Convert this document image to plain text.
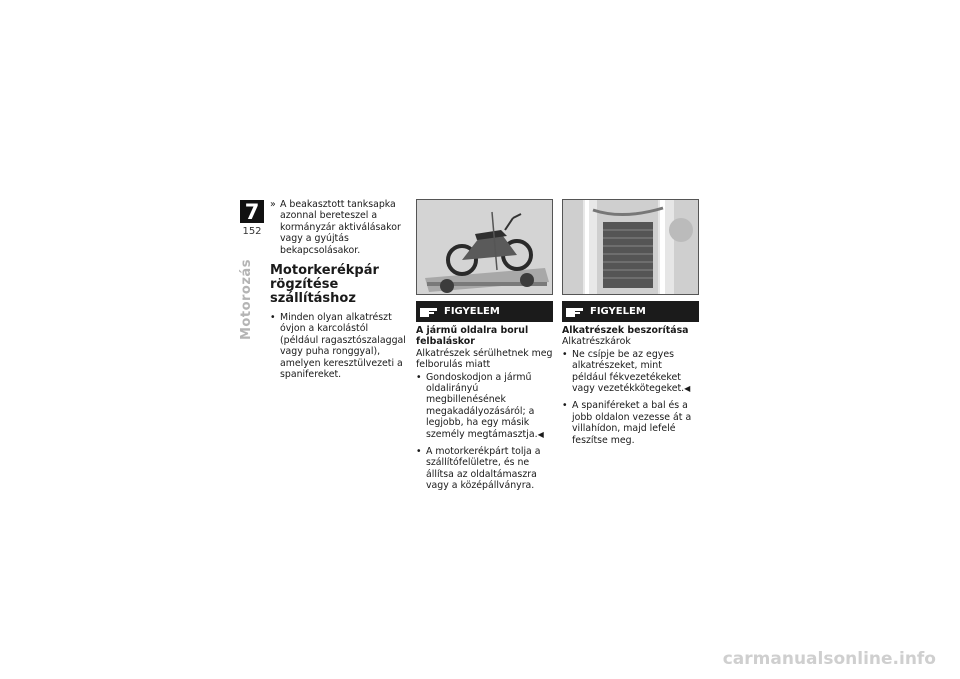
7
152
Motorozás
» A beakasztott tanksapka azonnal bereteszel a kormányzár aktiválásakor vagy a gyújtás bekapcsolásakor.
Motorkerékpár rögzítése szállításhoz
• Minden olyan alkatrészt óvjon a karcolástól (például ragasztószalaggal vagy puha ronggyal), amelyen keresztülvezeti a spanifereket.
FIGYELEM
A jármű oldalra borul felbaláskor
Alkatrészek sérülhetnek meg felborulás miatt
• Gondoskodjon a jármű oldalirányú megbillenésének megakadályozásáról; a legjobb, ha egy másik személy megtámasztja.◀
• A motorkerékpárt tolja a szállítófelületre, és ne állítsa az oldaltámaszra vagy a középállványra.
FIGYELEM
Alkatrészek beszorítása
Alkatrészkárok
• Ne csípje be az egyes alkatrészeket, mint például fékvezetékeket vagy vezetékkötegeket.◀
• A spaniféreket a bal és a jobb oldalon vezesse át a villahídon, majd lefelé feszítse meg.
carmanualsonline.info
